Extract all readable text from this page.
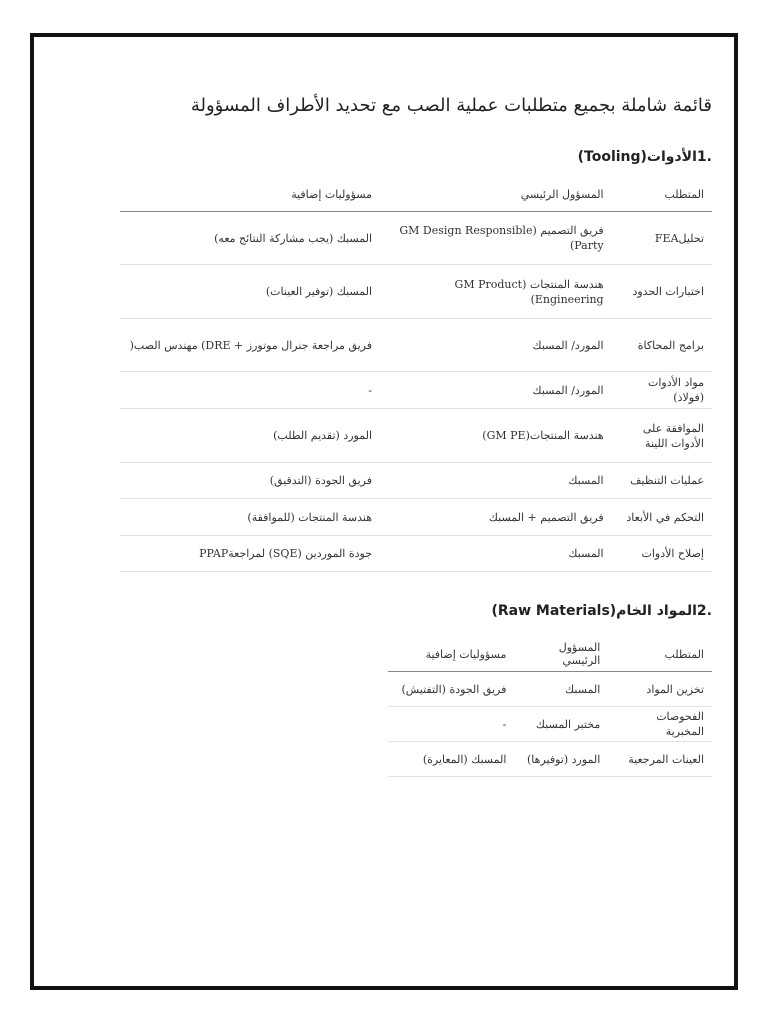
قائمة شاملة بجميع متطلبات عملية الصب مع تحديد الأطراف المسؤولة
.1الأدوات(Tooling)
المتطلب	المسؤول الرئيسي	مسؤوليات إضافية
تحليلFEA	فريق التصميم (GM Design Responsible Party)	المسبك (يجب مشاركة النتائج معه)
اختبارات الحدود	هندسة المنتجات (GM Product Engineering)	المسبك (توفير العينات)
برامج المحاكاة	المورد/ المسبك	فريق مراجعة جنرال موتورز + DRE) مهندس الصب(
مواد الأدوات (فولاذ)	المورد/ المسبك	-
الموافقة على الأدوات اللينة	هندسة المنتجات(GM PE)	المورد (تقديم الطلب)
عمليات التنظيف	المسبك	فريق الجودة (التدقيق)
التحكم في الأبعاد	فريق التصميم + المسبك	هندسة المنتجات (للموافقة)
إصلاح الأدوات	المسبك	جودة الموردين (SQE) لمراجعةPPAP
.2المواد الخام(Raw Materials)
المتطلب	المسؤول الرئيسي	مسؤوليات إضافية
تخزين المواد	المسبك	فريق الجودة (التفتيش)
الفحوصات المخبرية	مختبر المسبك	-
العينات المرجعية	المورد (توفيرها)	المسبك (المعايرة)
